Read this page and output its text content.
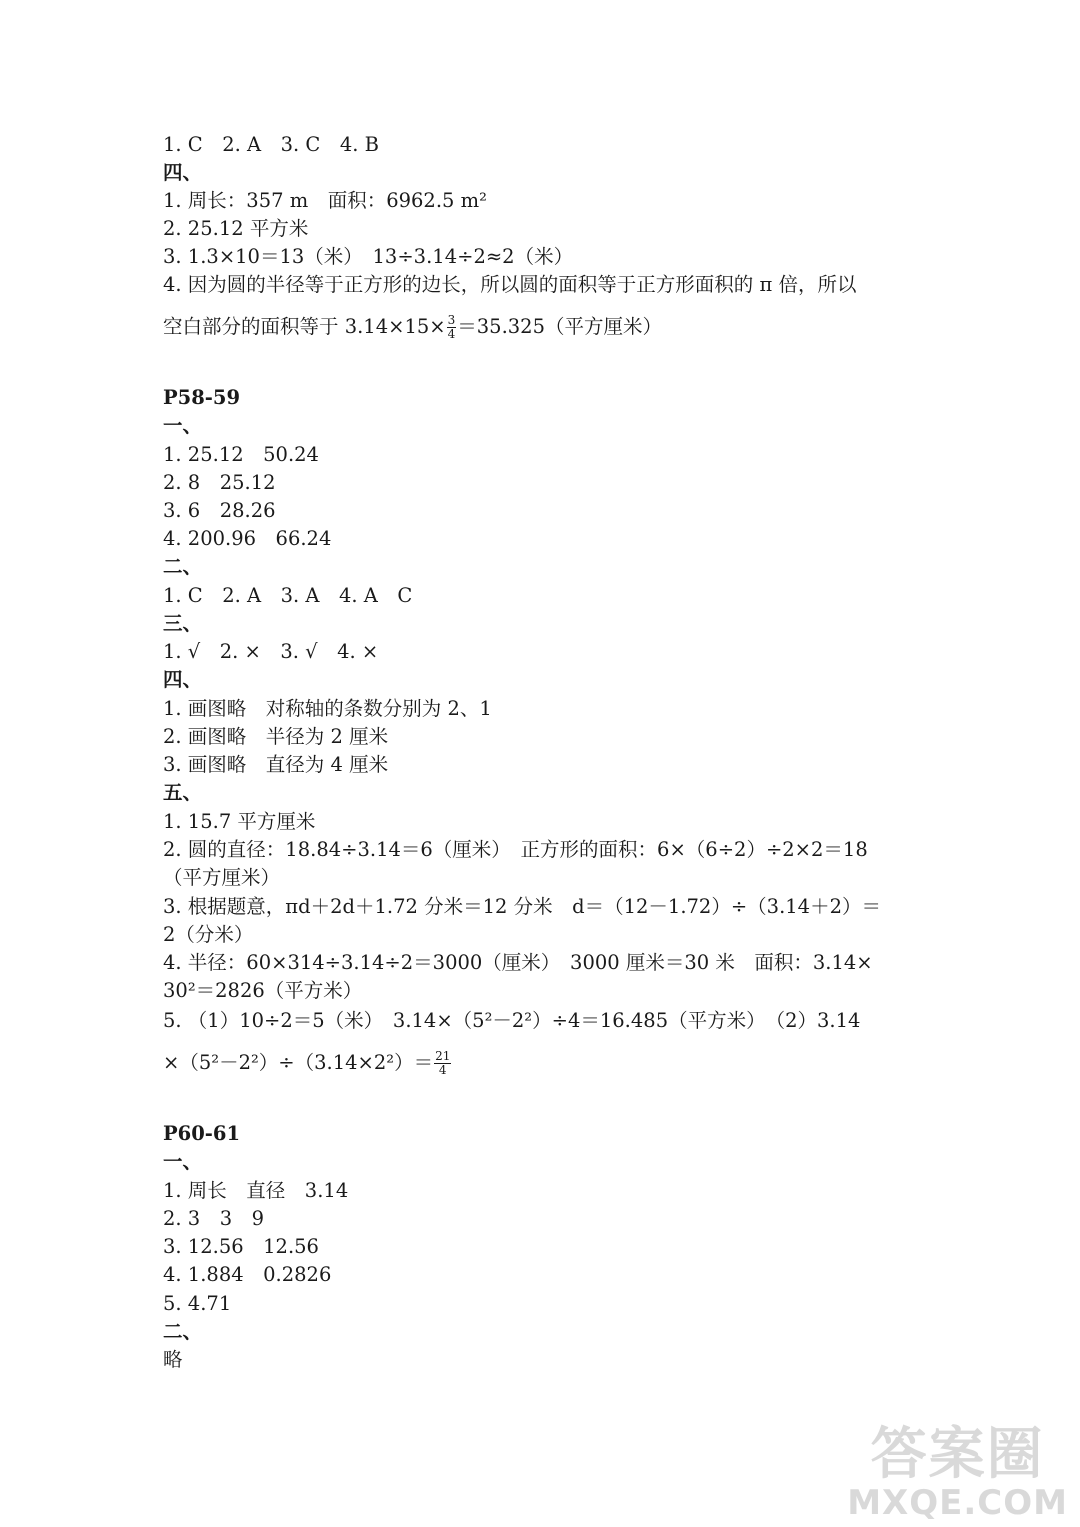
1. C　2. A　3. C　4. B
四、
1. 周长：357 m　面积：6962.5 m²
2. 25.12 平方米
3. 1.3×10＝13（米）　13÷3.14÷2≈2（米）
4. 因为圆的半径等于正方形的边长，所以圆的面积等于正方形面积的 π 倍，所以
空白部分的面积等于 $3.14\times 15\times \frac{3}{4} =35.325$（平方厘米）
P58-59
一、
1. 25.12　50.24
2. 8　25.12
3. 6　28.26
4. 200.96　66.24
二、
1. C　2. A　3. A　4. A　C
三、
1. √　2. ×　3. √　4. ×
四、
1. 画图略　对称轴的条数分别为 2、1
2. 画图略　半径为 2 厘米
3. 画图略　直径为 4 厘米
五、
1. 15.7 平方厘米
2. 圆的直径：18.84÷3.14＝6（厘米）　正方形的面积：6×（6÷2）÷2×2＝18
（平方厘米）
3. 根据题意，πd＋2d＋1.72 分米＝12 分米　d＝（12－1.72）÷（3.14＋2）＝
2（分米）
4. 半径：60×314÷3.14÷2＝3000（厘米）　3000 厘米＝30 米　面积：3.14×
30²＝2826（平方米）
5. （1）10÷2＝5（米）　3.14×（5²－2²）÷4＝16.485（平方米）　（2）3.14
$\times(5^2-2^2)\div(3.14\times 2^2)= \frac{21}{4}$
P60-61
一、
1. 周长　直径　3.14
2. 3　3　9
3. 12.56　12.56
4. 1.884　0.2826
5. 4.71
二、
略
答案圈
MXQE.COM
